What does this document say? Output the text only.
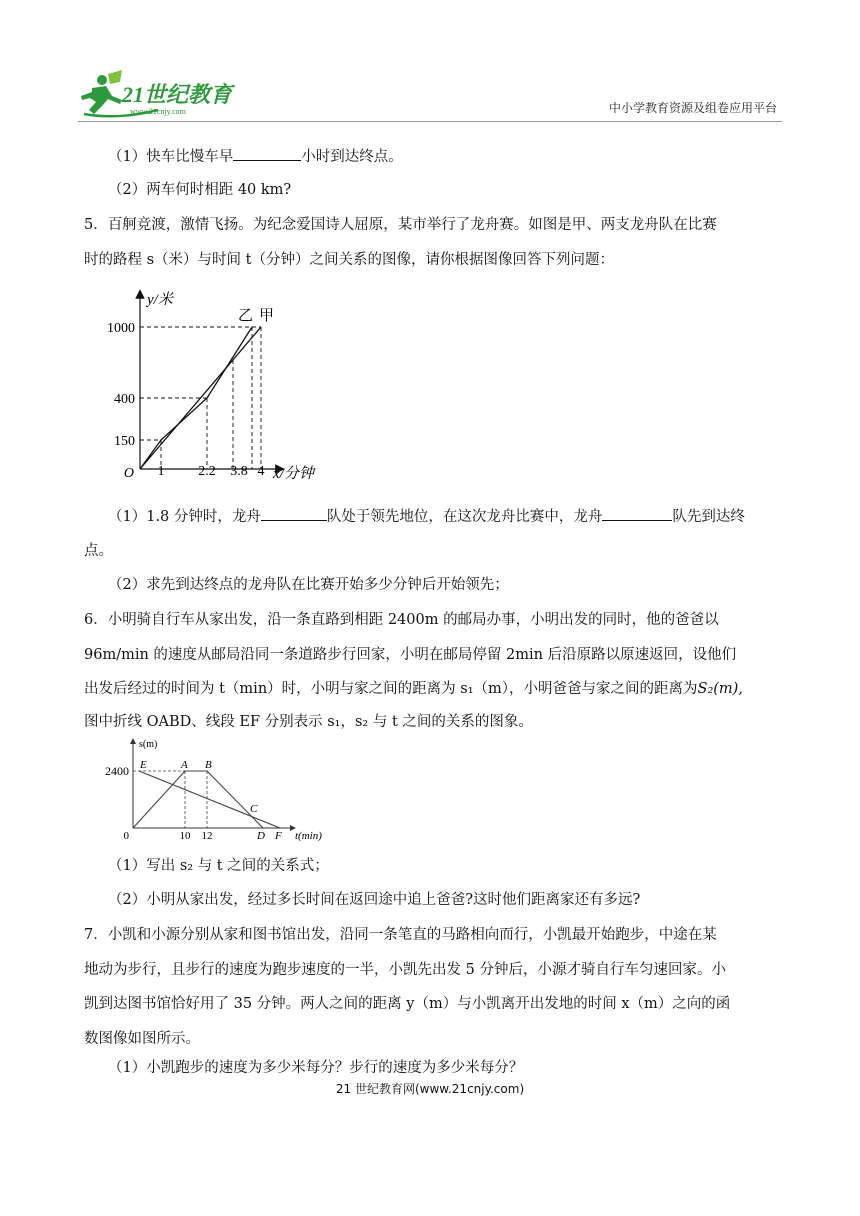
21世纪教育
www.21cnjy.com	中小学教育资源及组卷应用平台
（1）快车比慢车早	小时到达终点。
（2）两车何时相距 40 km?
5．百舸竞渡，激情飞扬。为纪念爱国诗人屈原，某市举行了龙舟赛。如图是甲、两支龙舟队在比赛
时的路程 s（米）与时间 t（分钟）之间关系的图像，请你根据图像回答下列问题：
y/米
x/分钟
O
1000
400
150
1 2.2 3.8 4
乙 甲
（1）1.8 分钟时，龙舟	队处于领先地位，在这次龙舟比赛中，龙舟	队先到达终
点。
（2）求先到达终点的龙舟队在比赛开始多少分钟后开始领先；
6．小明骑自行车从家出发，沿一条直路到相距 2400m 的邮局办事，小明出发的同时，他的爸爸以
96m/min 的速度从邮局沿同一条道路步行回家，小明在邮局停留 2min 后沿原路以原速返回，设他们
出发后经过的时间为 t（min）时，小明与家之间的距离为 s₁（m），小明爸爸与家之间的距离为S₂(m),
图中折线 OABD、线段 EF 分别表示 s₁，s₂ 与 t 之间的关系的图象。
s(m)
t(min)
0
2400
10 12
E	A B
C
D F
（1）写出 s₂ 与 t 之间的关系式；
（2）小明从家出发，经过多长时间在返回途中追上爸爸?这时他们距离家还有多远?
7．小凯和小源分别从家和图书馆出发，沿同一条笔直的马路相向而行，小凯最开始跑步，中途在某
地动为步行，且步行的速度为跑步速度的一半，小凯先出发 5 分钟后，小源才骑自行车匀速回家。小
凯到达图书馆恰好用了 35 分钟。两人之间的距离 y（m）与小凯离开出发地的时间 x（m）之向的函
数图像如图所示。
（1）小凯跑步的速度为多少米每分？步行的速度为多少米每分？
21 世纪教育网(www.21cnjy.com)
